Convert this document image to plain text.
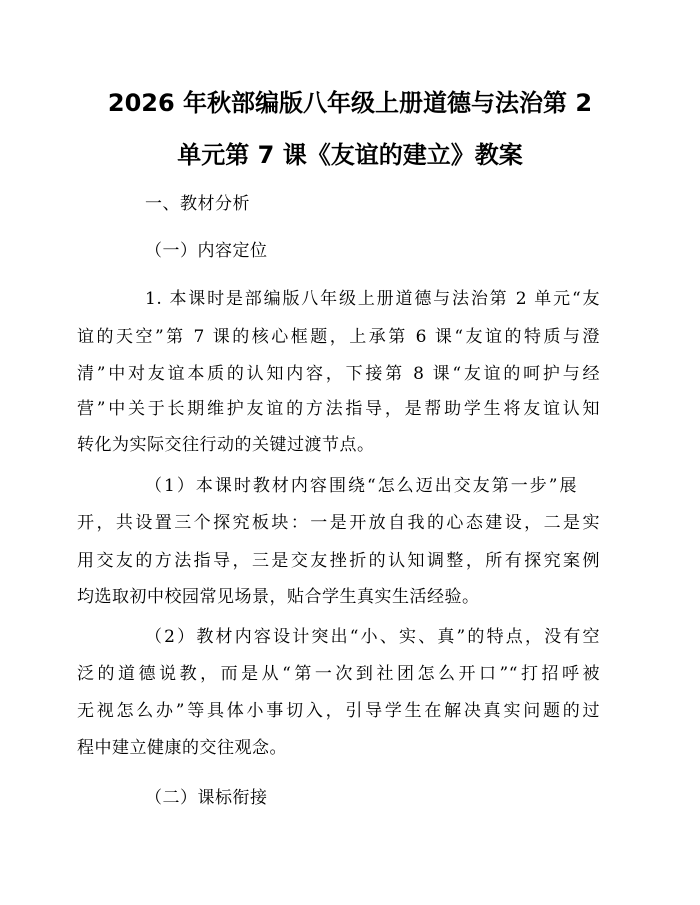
2026 年秋部编版八年级上册道德与法治第 2
单元第 7 课《友谊的建立》教案
一、教材分析
（一）内容定位
1. 本课时是部编版八年级上册道德与法治第 2 单元“友
谊的天空”第 7 课的核心框题，上承第 6 课“友谊的特质与澄
清”中对友谊本质的认知内容，下接第 8 课“友谊的呵护与经
营”中关于长期维护友谊的方法指导，是帮助学生将友谊认知
转化为实际交往行动的关键过渡节点。
（1）本课时教材内容围绕“怎么迈出交友第一步”展
开，共设置三个探究板块：一是开放自我的心态建设，二是实
用交友的方法指导，三是交友挫折的认知调整，所有探究案例
均选取初中校园常见场景，贴合学生真实生活经验。
（2）教材内容设计突出“小、实、真”的特点，没有空
泛的道德说教，而是从“第一次到社团怎么开口”“打招呼被
无视怎么办”等具体小事切入，引导学生在解决真实问题的过
程中建立健康的交往观念。
（二）课标衔接
